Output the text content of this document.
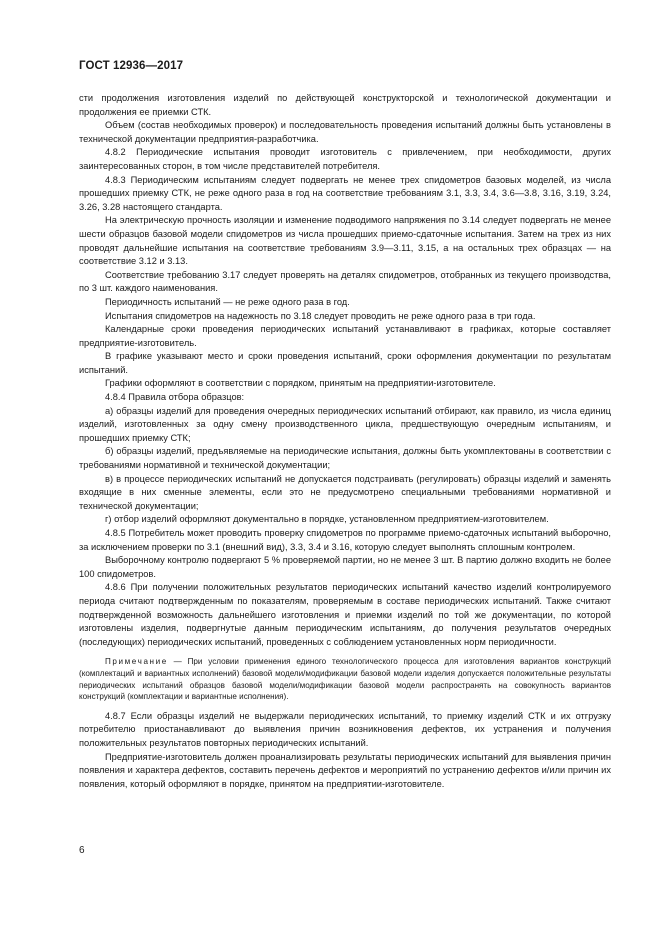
ГОСТ 12936—2017

сти продолжения изготовления изделий по действующей конструкторской и технологической документации и продолжения ее приемки СТК.

Объем (состав необходимых проверок) и последовательность проведения испытаний должны быть установлены в технической документации предприятия-разработчика.

4.8.2 Периодические испытания проводит изготовитель с привлечением, при необходимости, других заинтересованных сторон, в том числе представителей потребителя.

4.8.3 Периодическим испытаниям следует подвергать не менее трех спидометров базовых моделей, из числа прошедших приемку СТК, не реже одного раза в год на соответствие требованиям 3.1, 3.3, 3.4, 3.6—3.8, 3.16, 3.19, 3.24, 3.26, 3.28 настоящего стандарта.

На электрическую прочность изоляции и изменение подводимого напряжения по 3.14 следует подвергать не менее шести образцов базовой модели спидометров из числа прошедших приемо-сдаточные испытания. Затем на трех из них проводят дальнейшие испытания на соответствие требованиям 3.9—3.11, 3.15, а на остальных трех образцах — на соответствие 3.12 и 3.13.

Соответствие требованию 3.17 следует проверять на деталях спидометров, отобранных из текущего производства, по 3 шт. каждого наименования.

Периодичность испытаний — не реже одного раза в год.

Испытания спидометров на надежность по 3.18 следует проводить не реже одного раза в три года.

Календарные сроки проведения периодических испытаний устанавливают в графиках, которые составляет предприятие-изготовитель.

В графике указывают место и сроки проведения испытаний, сроки оформления документации по результатам испытаний.

Графики оформляют в соответствии с порядком, принятым на предприятии-изготовителе.

4.8.4 Правила отбора образцов:

а) образцы изделий для проведения очередных периодических испытаний отбирают, как правило, из числа единиц изделий, изготовленных за одну смену производственного цикла, предшествующую очередным испытаниям, и прошедших приемку СТК;

б) образцы изделий, предъявляемые на периодические испытания, должны быть укомплектованы в соответствии с требованиями нормативной и технической документации;

в) в процессе периодических испытаний не допускается подстраивать (регулировать) образцы изделий и заменять входящие в них сменные элементы, если это не предусмотрено специальными требованиями нормативной и технической документации;

г) отбор изделий оформляют документально в порядке, установленном предприятием-изготовителем.

4.8.5 Потребитель может проводить проверку спидометров по программе приемо-сдаточных испытаний выборочно, за исключением проверки по 3.1 (внешний вид), 3.3, 3.4 и 3.16, которую следует выполнять сплошным контролем.

Выборочному контролю подвергают 5 % проверяемой партии, но не менее 3 шт. В партию должно входить не более 100 спидометров.

4.8.6 При получении положительных результатов периодических испытаний качество изделий контролируемого периода считают подтвержденным по показателям, проверяемым в составе периодических испытаний. Также считают подтвержденной возможность дальнейшего изготовления и приемки изделий по той же документации, по которой изготовлены изделия, подвергнутые данным периодическим испытаниям, до получения результатов очередных (последующих) периодических испытаний, проведенных с соблюдением установленных норм периодичности.

Примечание — При условии применения единого технологического процесса для изготовления вариантов конструкций (комплектаций и вариантных исполнений) базовой модели/модификации базовой модели изделия допускается положительные результаты периодических испытаний образцов базовой модели/модификации базовой модели распространять на совокупность вариантов конструкций (комплектации и вариантные исполнения).

4.8.7 Если образцы изделий не выдержали периодических испытаний, то приемку изделий СТК и их отгрузку потребителю приостанавливают до выявления причин возникновения дефектов, их устранения и получения положительных результатов повторных периодических испытаний.

Предприятие-изготовитель должен проанализировать результаты периодических испытаний для выявления причин появления и характера дефектов, составить перечень дефектов и мероприятий по устранению дефектов и/или причин их появления, который оформляют в порядке, принятом на предприятии-изготовителе.

6
